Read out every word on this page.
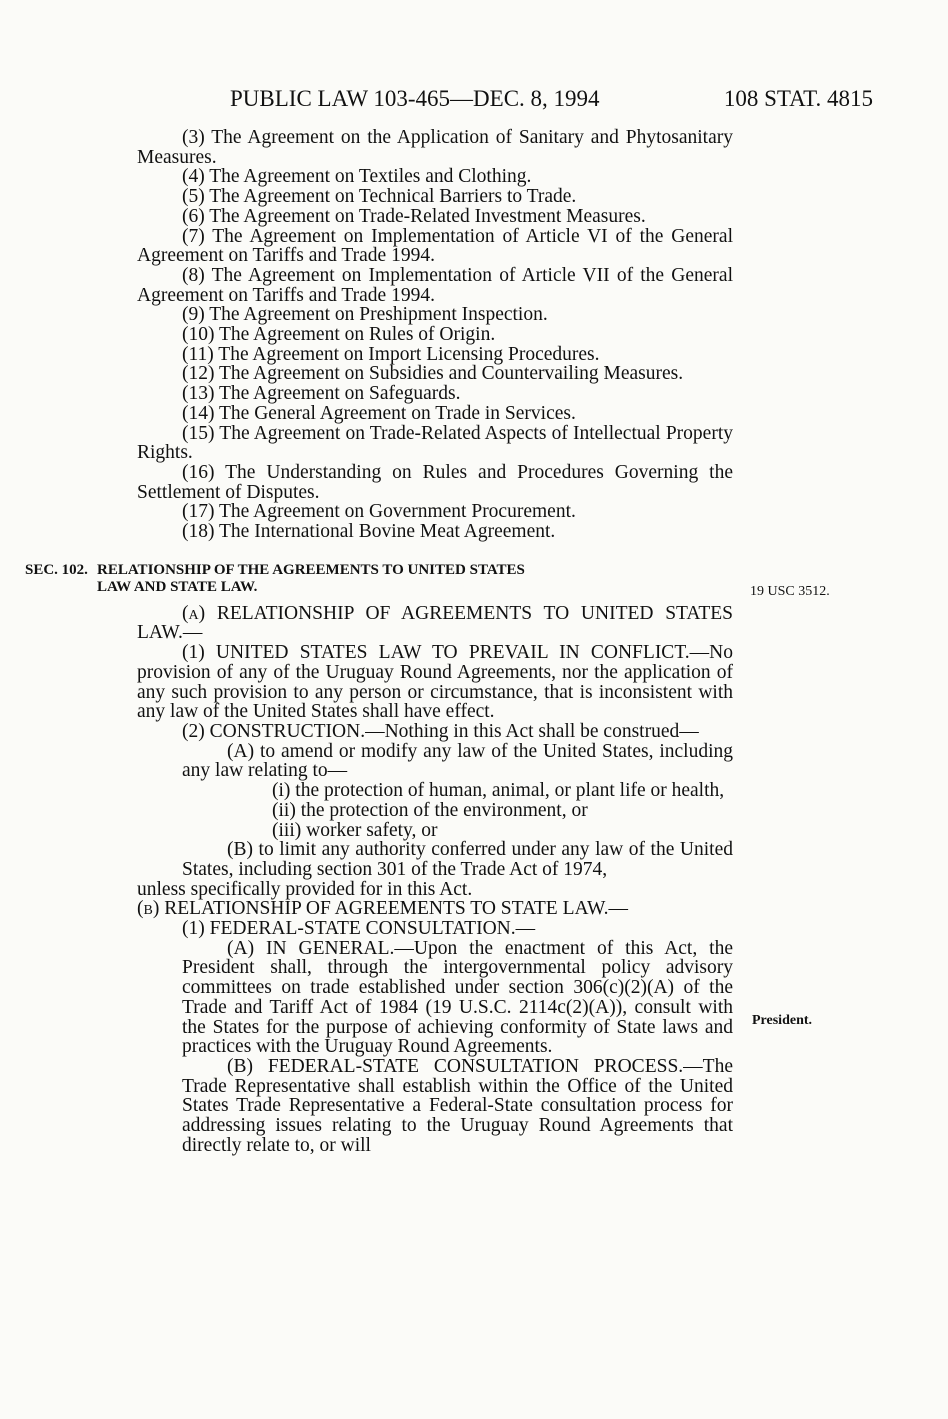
PUBLIC LAW 103-465—DEC. 8, 1994	108 STAT. 4815
19 USC 3512.
President.

(3) The Agreement on the Application of Sanitary and Phytosanitary Measures.

(4) The Agreement on Textiles and Clothing.

(5) The Agreement on Technical Barriers to Trade.

(6) The Agreement on Trade-Related Investment Measures.

(7) The Agreement on Implementation of Article VI of the General Agreement on Tariffs and Trade 1994.

(8) The Agreement on Implementation of Article VII of the General Agreement on Tariffs and Trade 1994.

(9) The Agreement on Preshipment Inspection.

(10) The Agreement on Rules of Origin.

(11) The Agreement on Import Licensing Procedures.

(12) The Agreement on Subsidies and Countervailing Measures.

(13) The Agreement on Safeguards.

(14) The General Agreement on Trade in Services.

(15) The Agreement on Trade-Related Aspects of Intellectual Property Rights.

(16) The Understanding on Rules and Procedures Governing the Settlement of Disputes.

(17) The Agreement on Government Procurement.

(18) The International Bovine Meat Agreement.

SEC. 102. RELATIONSHIP OF THE AGREEMENTS TO UNITED STATES
LAW AND STATE LAW.

(a) RELATIONSHIP OF AGREEMENTS TO UNITED STATES LAW.—

(1) UNITED STATES LAW TO PREVAIL IN CONFLICT.—No provision of any of the Uruguay Round Agreements, nor the application of any such provision to any person or circumstance, that is inconsistent with any law of the United States shall have effect.

(2) CONSTRUCTION.—Nothing in this Act shall be construed—

(A) to amend or modify any law of the United States, including any law relating to—

(i) the protection of human, animal, or plant life or health,

(ii) the protection of the environment, or

(iii) worker safety, or

(B) to limit any authority conferred under any law of the United States, including section 301 of the Trade Act of 1974,

unless specifically provided for in this Act.

(b) RELATIONSHIP OF AGREEMENTS TO STATE LAW.—

(1) FEDERAL-STATE CONSULTATION.—

(A) IN GENERAL.—Upon the enactment of this Act, the President shall, through the intergovernmental policy advisory committees on trade established under section 306(c)(2)(A) of the Trade and Tariff Act of 1984 (19 U.S.C. 2114c(2)(A)), consult with the States for the purpose of achieving conformity of State laws and practices with the Uruguay Round Agreements.

(B) FEDERAL-STATE CONSULTATION PROCESS.—The Trade Representative shall establish within the Office of the United States Trade Representative a Federal-State consultation process for addressing issues relating to the Uruguay Round Agreements that directly relate to, or will
